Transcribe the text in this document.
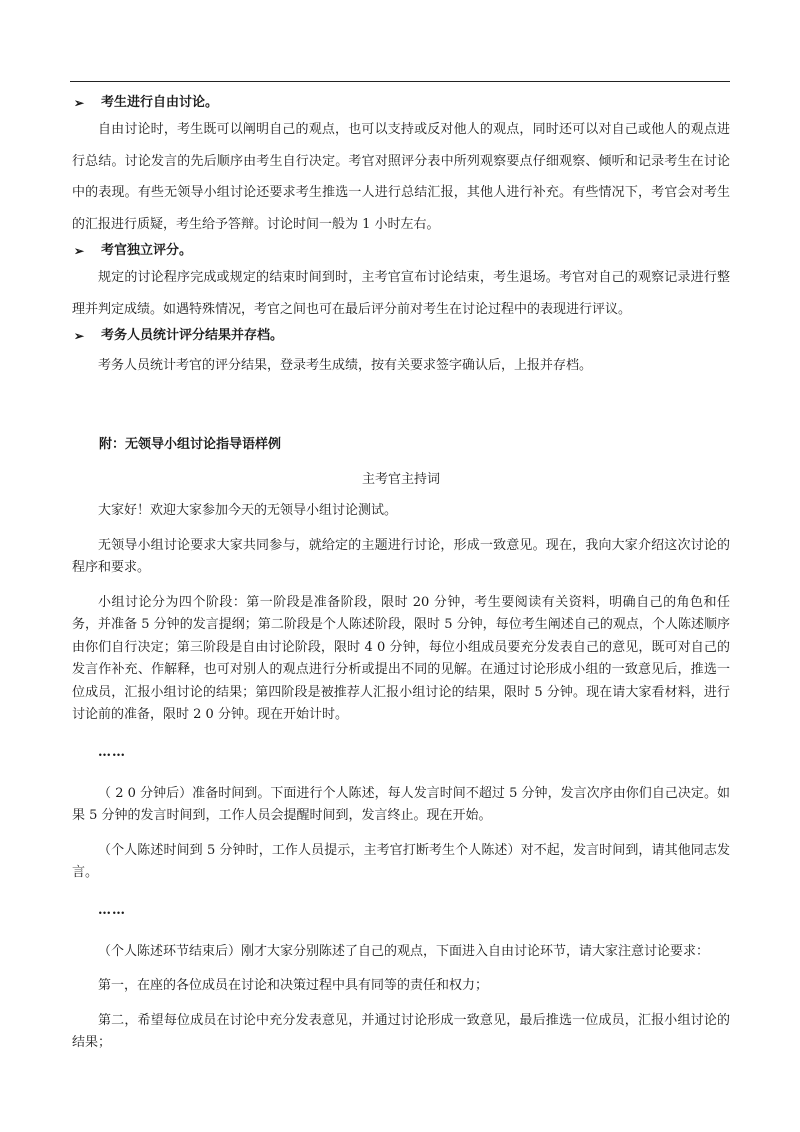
➢	考生进行自由讨论。

自由讨论时，考生既可以阐明自己的观点，也可以支持或反对他人的观点，同时还可以对自己或他人的观点进行总结。讨论发言的先后顺序由考生自行决定。考官对照评分表中所列观察要点仔细观察、倾听和记录考生在讨论中的表现。有些无领导小组讨论还要求考生推选一人进行总结汇报，其他人进行补充。有些情况下，考官会对考生的汇报进行质疑，考生给予答辩。讨论时间一般为 1 小时左右。

➢	考官独立评分。

规定的讨论程序完成或规定的结束时间到时，主考官宣布讨论结束，考生退场。考官对自己的观察记录进行整理并判定成绩。如遇特殊情况，考官之间也可在最后评分前对考生在讨论过程中的表现进行评议。

➢	考务人员统计评分结果并存档。

考务人员统计考官的评分结果，登录考生成绩，按有关要求签字确认后，上报并存档。

附：无领导小组讨论指导语样例
主考官主持词

大家好！欢迎大家参加今天的无领导小组讨论测试。

无领导小组讨论要求大家共同参与，就给定的主题进行讨论，形成一致意见。现在，我向大家介绍这次讨论的程序和要求。

小组讨论分为四个阶段：第一阶段是准备阶段，限时 20 分钟，考生要阅读有关资料，明确自己的角色和任务，并准备 5 分钟的发言提纲；第二阶段是个人陈述阶段，限时 5 分钟，每位考生阐述自己的观点，个人陈述顺序由你们自行决定；第三阶段是自由讨论阶段，限时 4 0 分钟，每位小组成员要充分发表自己的意见，既可对自己的发言作补充、作解释，也可对别人的观点进行分析或提出不同的见解。在通过讨论形成小组的一致意见后，推选一位成员，汇报小组讨论的结果；第四阶段是被推荐人汇报小组讨论的结果，限时 5 分钟。现在请大家看材料，进行讨论前的准备，限时 2 0 分钟。现在开始计时。

……

（ 2 0 分钟后）准备时间到。下面进行个人陈述，每人发言时间不超过 5 分钟，发言次序由你们自己决定。如果 5 分钟的发言时间到，工作人员会提醒时间到，发言终止。现在开始。

（个人陈述时间到 5 分钟时，工作人员提示，主考官打断考生个人陈述）对不起，发言时间到，请其他同志发言。

……

（个人陈述环节结束后）刚才大家分别陈述了自己的观点，下面进入自由讨论环节，请大家注意讨论要求：

第一，在座的各位成员在讨论和决策过程中具有同等的责任和权力；

第二，希望每位成员在讨论中充分发表意见，并通过讨论形成一致意见，最后推选一位成员，汇报小组讨论的结果；
